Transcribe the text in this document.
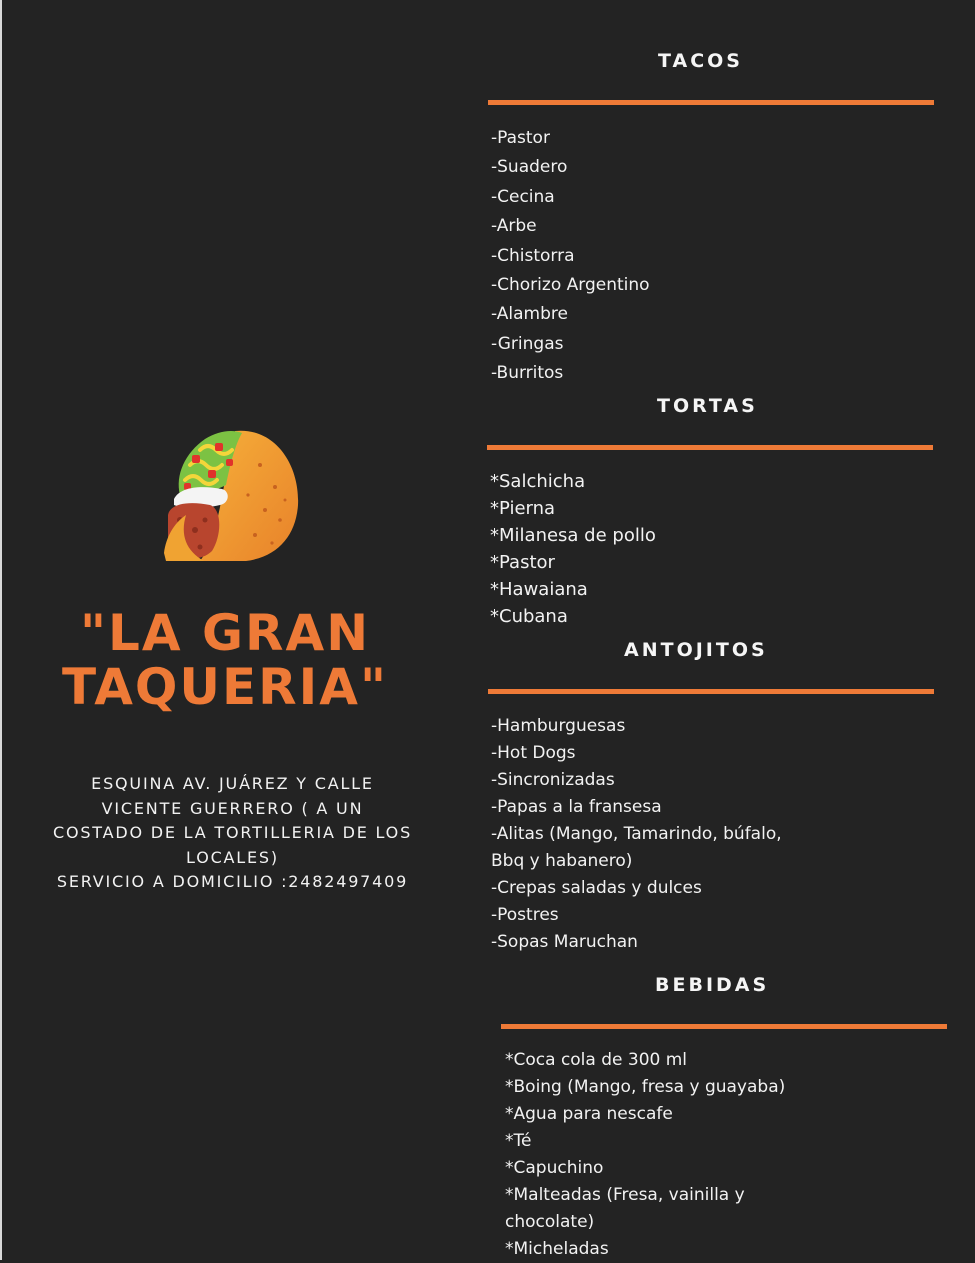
"LA GRAN
TAQUERIA"
ESQUINA AV. JUÁREZ Y CALLE
VICENTE GUERRERO ( A UN
COSTADO DE LA TORTILLERIA DE LOS
LOCALES)
SERVICIO A DOMICILIO :2482497409
TACOS
-Pastor
-Suadero
-Cecina
-Arbe
-Chistorra
-Chorizo Argentino
-Alambre
-Gringas
-Burritos
TORTAS
*Salchicha
*Pierna
*Milanesa de pollo
*Pastor
*Hawaiana
*Cubana
ANTOJITOS
-Hamburguesas
-Hot Dogs
-Sincronizadas
-Papas a la fransesa
-Alitas (Mango, Tamarindo, búfalo,
Bbq y habanero)
-Crepas saladas y dulces
-Postres
-Sopas Maruchan
BEBIDAS
*Coca cola de 300 ml
*Boing (Mango, fresa y guayaba)
*Agua para nescafe
*Té
*Capuchino
*Malteadas (Fresa, vainilla y
chocolate)
*Micheladas
